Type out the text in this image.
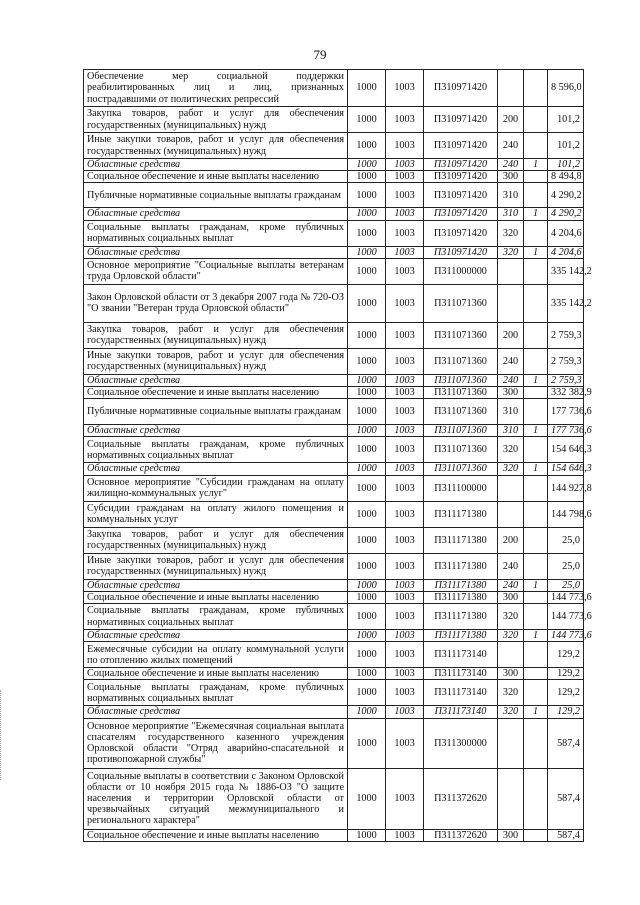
79
Обеспечение мер социальной поддержки реабилитированных лиц и лиц, признанных пострадавшими от политических репрессий	1000	1003	П310971420			8 596,0
Закупка товаров, работ и услуг для обеспечения государственных (муниципальных) нужд	1000	1003	П310971420	200		101,2
Иные закупки товаров, работ и услуг для обеспечения государственных (муниципальных) нужд	1000	1003	П310971420	240		101,2
Областные средства	1000	1003	П310971420	240	1	101,2
Социальное обеспечение и иные выплаты населению	1000	1003	П310971420	300		8 494,8
Публичные нормативные социальные выплаты гражданам	1000	1003	П310971420	310		4 290,2
Областные средства	1000	1003	П310971420	310	1	4 290,2
Социальные выплаты гражданам, кроме публичных нормативных социальных выплат	1000	1003	П310971420	320		4 204,6
Областные средства	1000	1003	П310971420	320	1	4 204,6
Основное мероприятие "Социальные выплаты ветеранам труда Орловской области"	1000	1003	П311000000			335 142,2
Закон Орловской области от 3 декабря 2007 года № 720-ОЗ "О звании "Ветеран труда Орловской области"	1000	1003	П311071360			335 142,2
Закупка товаров, работ и услуг для обеспечения государственных (муниципальных) нужд	1000	1003	П311071360	200		2 759,3
Иные закупки товаров, работ и услуг для обеспечения государственных (муниципальных) нужд	1000	1003	П311071360	240		2 759,3
Областные средства	1000	1003	П311071360	240	1	2 759,3
Социальное обеспечение и иные выплаты населению	1000	1003	П311071360	300		332 382,9
Публичные нормативные социальные выплаты гражданам	1000	1003	П311071360	310		177 736,6
Областные средства	1000	1003	П311071360	310	1	177 736,6
Социальные выплаты гражданам, кроме публичных нормативных социальных выплат	1000	1003	П311071360	320		154 646,3
Областные средства	1000	1003	П311071360	320	1	154 646,3
Основное мероприятие "Субсидии гражданам на оплату жилищно-коммунальных услуг"	1000	1003	П311100000			144 927,8
Субсидии гражданам на оплату жилого помещения и коммунальных услуг	1000	1003	П311171380			144 798,6
Закупка товаров, работ и услуг для обеспечения государственных (муниципальных) нужд	1000	1003	П311171380	200		25,0
Иные закупки товаров, работ и услуг для обеспечения государственных (муниципальных) нужд	1000	1003	П311171380	240		25,0
Областные средства	1000	1003	П311171380	240	1	25,0
Социальное обеспечение и иные выплаты населению	1000	1003	П311171380	300		144 773,6
Социальные выплаты гражданам, кроме публичных нормативных социальных выплат	1000	1003	П311171380	320		144 773,6
Областные средства	1000	1003	П311171380	320	1	144 773,6
Ежемесячные субсидии на оплату коммунальной услуги по отоплению жилых помещений	1000	1003	П311173140			129,2
Социальное обеспечение и иные выплаты населению	1000	1003	П311173140	300		129,2
Социальные выплаты гражданам, кроме публичных нормативных социальных выплат	1000	1003	П311173140	320		129,2
Областные средства	1000	1003	П311173140	320	1	129,2
Основное мероприятие "Ежемесячная социальная выплата спасателям государственного казенного учреждения Орловской области "Отряд аварийно-спасательной и противопожарной службы"	1000	1003	П311300000			587,4
Социальные выплаты в соответствии с Законом Орловской области от 10 ноября 2015 года № 1886-ОЗ "О защите населения и территории Орловской области от чрезвычайных ситуаций межмуниципального и регионального характера"	1000	1003	П311372620			587,4
Социальное обеспечение и иные выплаты населению	1000	1003	П311372620	300		587,4
